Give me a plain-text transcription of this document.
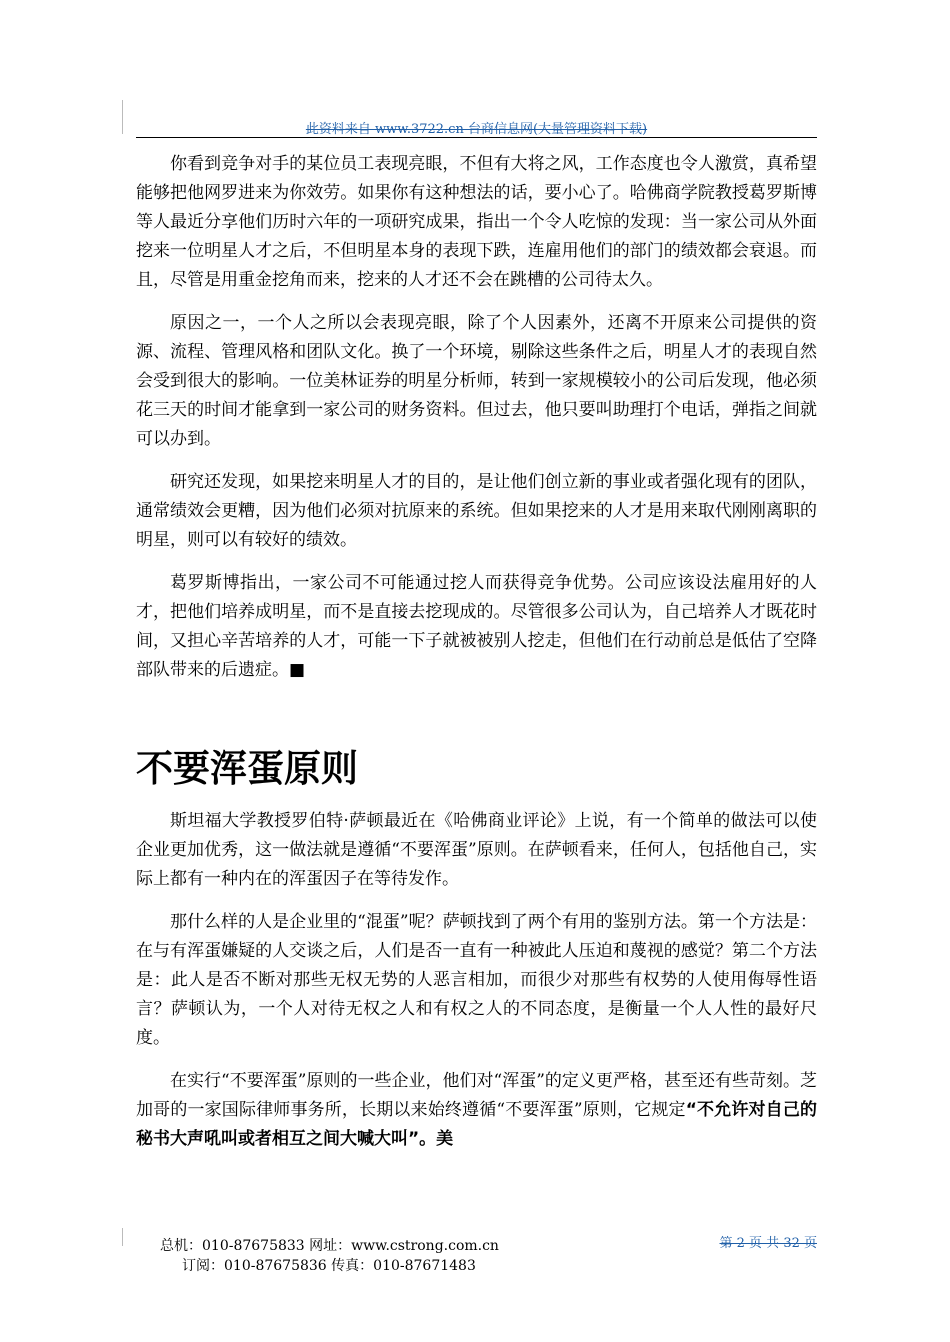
此资料来自 www.3722.cn 台商信息网(大量管理资料下载)

你看到竞争对手的某位员工表现亮眼，不但有大将之风，工作态度也令人激赏，真希望能够把他网罗进来为你效劳。如果你有这种想法的话，要小心了。哈佛商学院教授葛罗斯博等人最近分享他们历时六年的一项研究成果，指出一个令人吃惊的发现：当一家公司从外面挖来一位明星人才之后，不但明星本身的表现下跌，连雇用他们的部门的绩效都会衰退。而且，尽管是用重金挖角而来，挖来的人才还不会在跳槽的公司待太久。

原因之一，一个人之所以会表现亮眼，除了个人因素外，还离不开原来公司提供的资源、流程、管理风格和团队文化。换了一个环境，剔除这些条件之后，明星人才的表现自然会受到很大的影响。一位美林证券的明星分析师，转到一家规模较小的公司后发现，他必须花三天的时间才能拿到一家公司的财务资料。但过去，他只要叫助理打个电话，弹指之间就可以办到。

研究还发现，如果挖来明星人才的目的，是让他们创立新的事业或者强化现有的团队，通常绩效会更糟，因为他们必须对抗原来的系统。但如果挖来的人才是用来取代刚刚离职的明星，则可以有较好的绩效。

葛罗斯博指出，一家公司不可能通过挖人而获得竞争优势。公司应该设法雇用好的人才，把他们培养成明星，而不是直接去挖现成的。尽管很多公司认为，自己培养人才既花时间，又担心辛苦培养的人才，可能一下子就被被别人挖走，但他们在行动前总是低估了空降部队带来的后遗症。■

不要浑蛋原则

斯坦福大学教授罗伯特·萨顿最近在《哈佛商业评论》上说，有一个简单的做法可以使企业更加优秀，这一做法就是遵循“不要浑蛋”原则。在萨顿看来，任何人，包括他自己，实际上都有一种内在的浑蛋因子在等待发作。

那什么样的人是企业里的“混蛋”呢？萨顿找到了两个有用的鉴别方法。第一个方法是：在与有浑蛋嫌疑的人交谈之后，人们是否一直有一种被此人压迫和蔑视的感觉？第二个方法是：此人是否不断对那些无权无势的人恶言相加，而很少对那些有权势的人使用侮辱性语言？萨顿认为，一个人对待无权之人和有权之人的不同态度，是衡量一个人人性的最好尺度。

在实行“不要浑蛋”原则的一些企业，他们对“浑蛋”的定义更严格，甚至还有些苛刻。芝加哥的一家国际律师事务所，长期以来始终遵循“不要浑蛋”原则，它规定“不允许对自己的秘书大声吼叫或者相互之间大喊大叫”。美

总机：010-87675833 网址：www.cstrong.com.cn
订阅：010-87675836 传真：010-87671483
第 2 页 共 32 页
